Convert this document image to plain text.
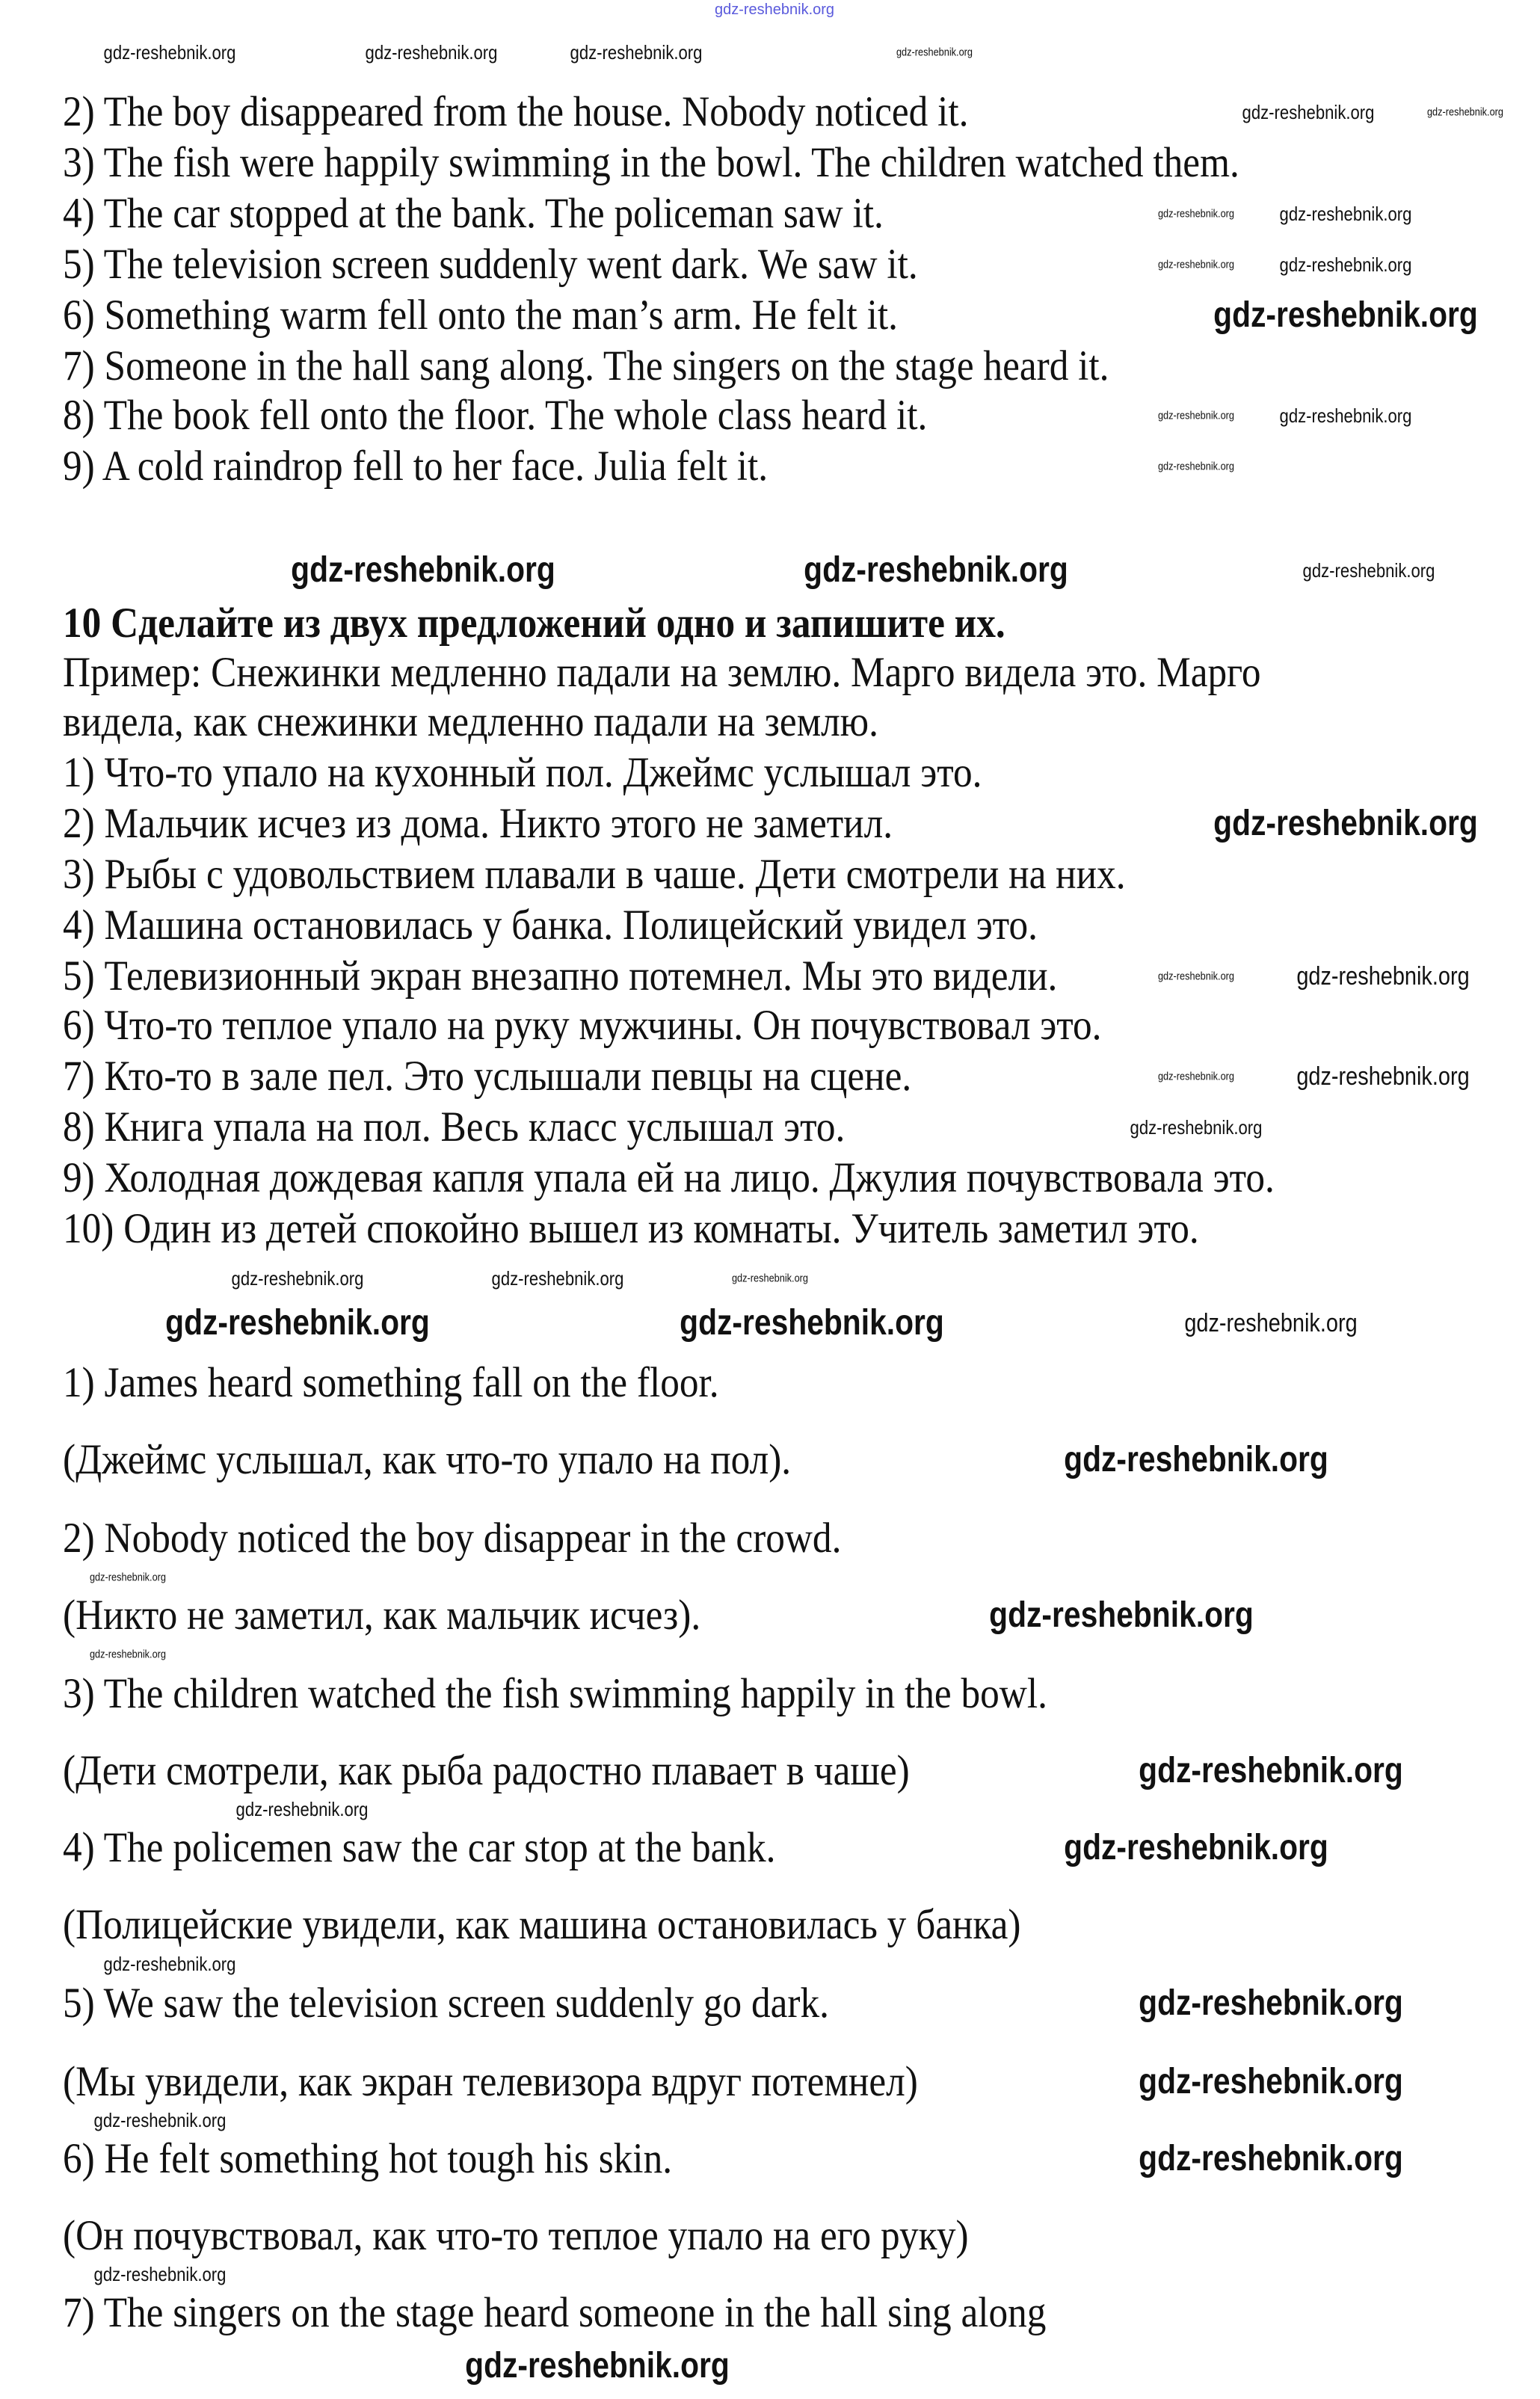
gdz-reshebnik.org
2) The boy disappeared from the house. Nobody noticed it.
3) The fish were happily swimming in the bowl. The children watched them.
4) The car stopped at the bank. The policeman saw it.
5) The television screen suddenly went dark. We saw it.
6) Something warm fell onto the man’s arm. He felt it.
7) Someone in the hall sang along. The singers on the stage heard it.
8) The book fell onto the floor. The whole class heard it.
9) A cold raindrop fell to her face. Julia felt it.
10 Сделайте из двух предложений одно и запишите их.
Пример: Снежинки медленно падали на землю. Марго видела это. Марго
видела, как снежинки медленно падали на землю.
1) Что-то упало на кухонный пол. Джеймс услышал это.
2) Мальчик исчез из дома. Никто этого не заметил.
3) Рыбы с удовольствием плавали в чаше. Дети смотрели на них.
4) Машина остановилась у банка. Полицейский увидел это.
5) Телевизионный экран внезапно потемнел. Мы это видели.
6) Что-то теплое упало на руку мужчины. Он почувствовал это.
7) Кто-то в зале пел. Это услышали певцы на сцене.
8) Книга упала на пол. Весь класс услышал это.
9) Холодная дождевая капля упала ей на лицо. Джулия почувствовала это.
10) Один из детей спокойно вышел из комнаты. Учитель заметил это.
1) James heard something fall on the floor.
(Джеймс услышал, как что-то упало на пол).
2) Nobody noticed the boy disappear in the crowd.
(Никто не заметил, как мальчик исчез).
3) The children watched the fish swimming happily in the bowl.
(Дети смотрели, как рыба радостно плавает в чаше)
4) The policemen saw the car stop at the bank.
(Полицейские увидели, как машина остановилась у банка)
5) We saw the television screen suddenly go dark.
(Мы увидели, как экран телевизора вдруг потемнел)
6) He felt something hot tough his skin.
(Он почувствовал, как что-то теплое упало на его руку)
7) The singers on the stage heard someone in the hall sing along
gdz-reshebnik.org	gdz-reshebnik.org
gdz-reshebnik.org
gdz-reshebnik.org	gdz-reshebnik.org	gdz-reshebnik.org
gdz-reshebnik.org gdz-reshebnik.org
gdz-reshebnik.org gdz-reshebnik.org
gdz-reshebnik.org
gdz-reshebnik.org gdz-reshebnik.org
gdz-reshebnik.org
gdz-reshebnik.org	gdz-reshebnik.org	gdz-reshebnik.org
gdz-reshebnik.org
gdz-reshebnik.org	gdz-reshebnik.org	gdz-reshebnik.org
gdz-reshebnik.org gdz-reshebnik.org
gdz-reshebnik.org gdz-reshebnik.org
gdz-reshebnik.org
gdz-reshebnik.org	gdz-reshebnik.org
gdz-reshebnik.org
gdz-reshebnik.org
gdz-reshebnik.org
gdz-reshebnik.org
gdz-reshebnik.org
gdz-reshebnik.org
gdz-reshebnik.org
gdz-reshebnik.org
gdz-reshebnik.org
gdz-reshebnik.org
gdz-reshebnik.org
gdz-reshebnik.org
gdz-reshebnik.org
gdz-reshebnik.org
gdz-reshebnik.org
